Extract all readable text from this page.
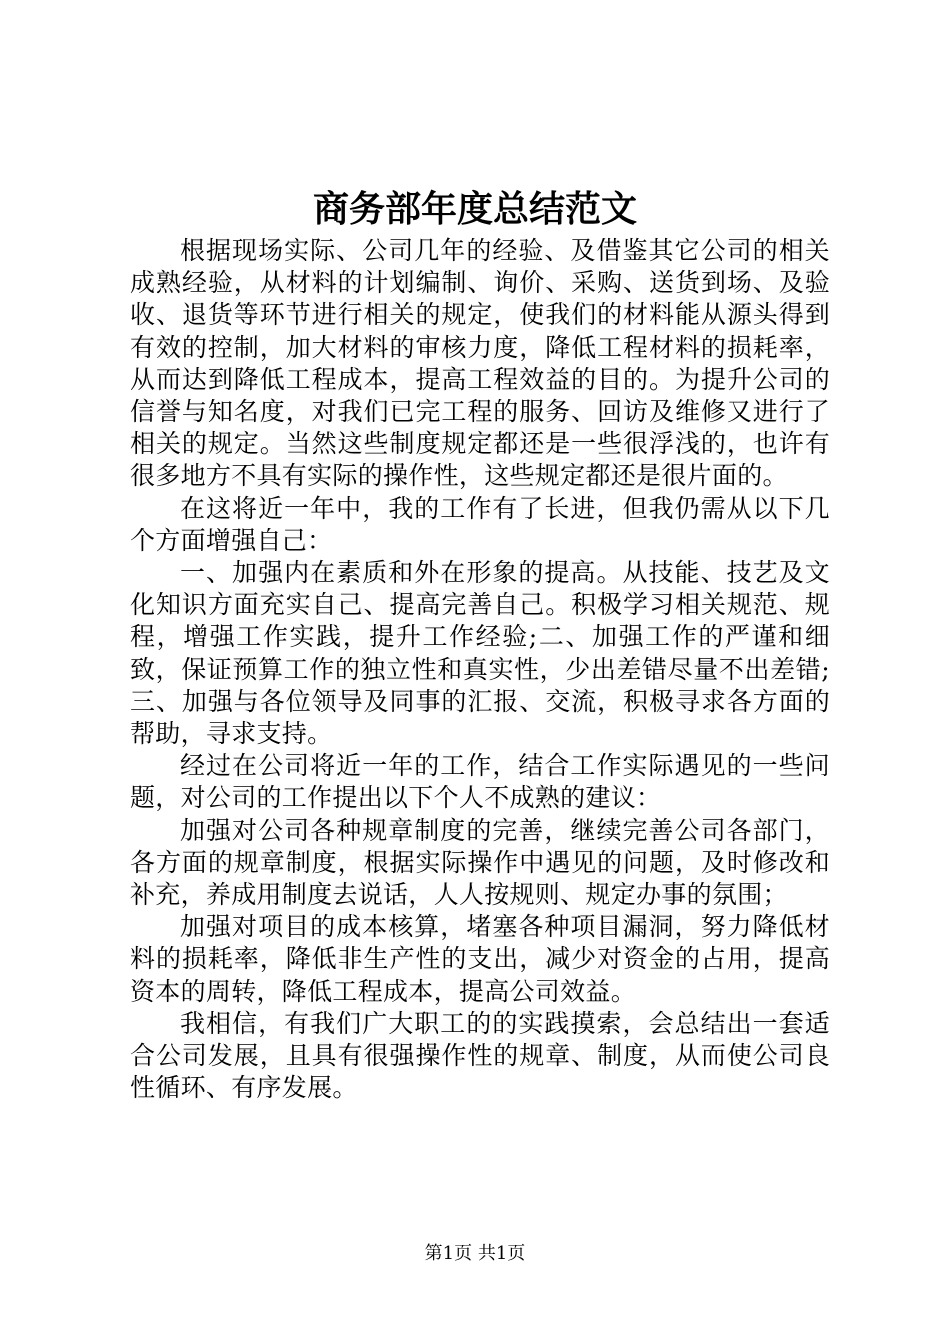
商务部年度总结范文

根据现场实际、公司几年的经验、及借鉴其它公司的相关成熟经验，从材料的计划编制、询价、采购、送货到场、及验收、退货等环节进行相关的规定，使我们的材料能从源头得到有效的控制，加大材料的审核力度，降低工程材料的损耗率，从而达到降低工程成本，提高工程效益的目的。为提升公司的信誉与知名度，对我们已完工程的服务、回访及维修又进行了相关的规定。当然这些制度规定都还是一些很浮浅的，也许有很多地方不具有实际的操作性，这些规定都还是很片面的。

在这将近一年中，我的工作有了长进，但我仍需从以下几个方面增强自己：

一、加强内在素质和外在形象的提高。从技能、技艺及文化知识方面充实自己、提高完善自己。积极学习相关规范、规程，增强工作实践，提升工作经验;二、加强工作的严谨和细致，保证预算工作的独立性和真实性，少出差错尽量不出差错;三、加强与各位领导及同事的汇报、交流，积极寻求各方面的帮助，寻求支持。

经过在公司将近一年的工作，结合工作实际遇见的一些问题，对公司的工作提出以下个人不成熟的建议：

加强对公司各种规章制度的完善，继续完善公司各部门，各方面的规章制度，根据实际操作中遇见的问题，及时修改和补充，养成用制度去说话，人人按规则、规定办事的氛围；

加强对项目的成本核算，堵塞各种项目漏洞，努力降低材料的损耗率，降低非生产性的支出，减少对资金的占用，提高资本的周转，降低工程成本，提高公司效益。

我相信，有我们广大职工的的实践摸索，会总结出一套适合公司发展，且具有很强操作性的规章、制度，从而使公司良性循环、有序发展。

第1页 共1页
